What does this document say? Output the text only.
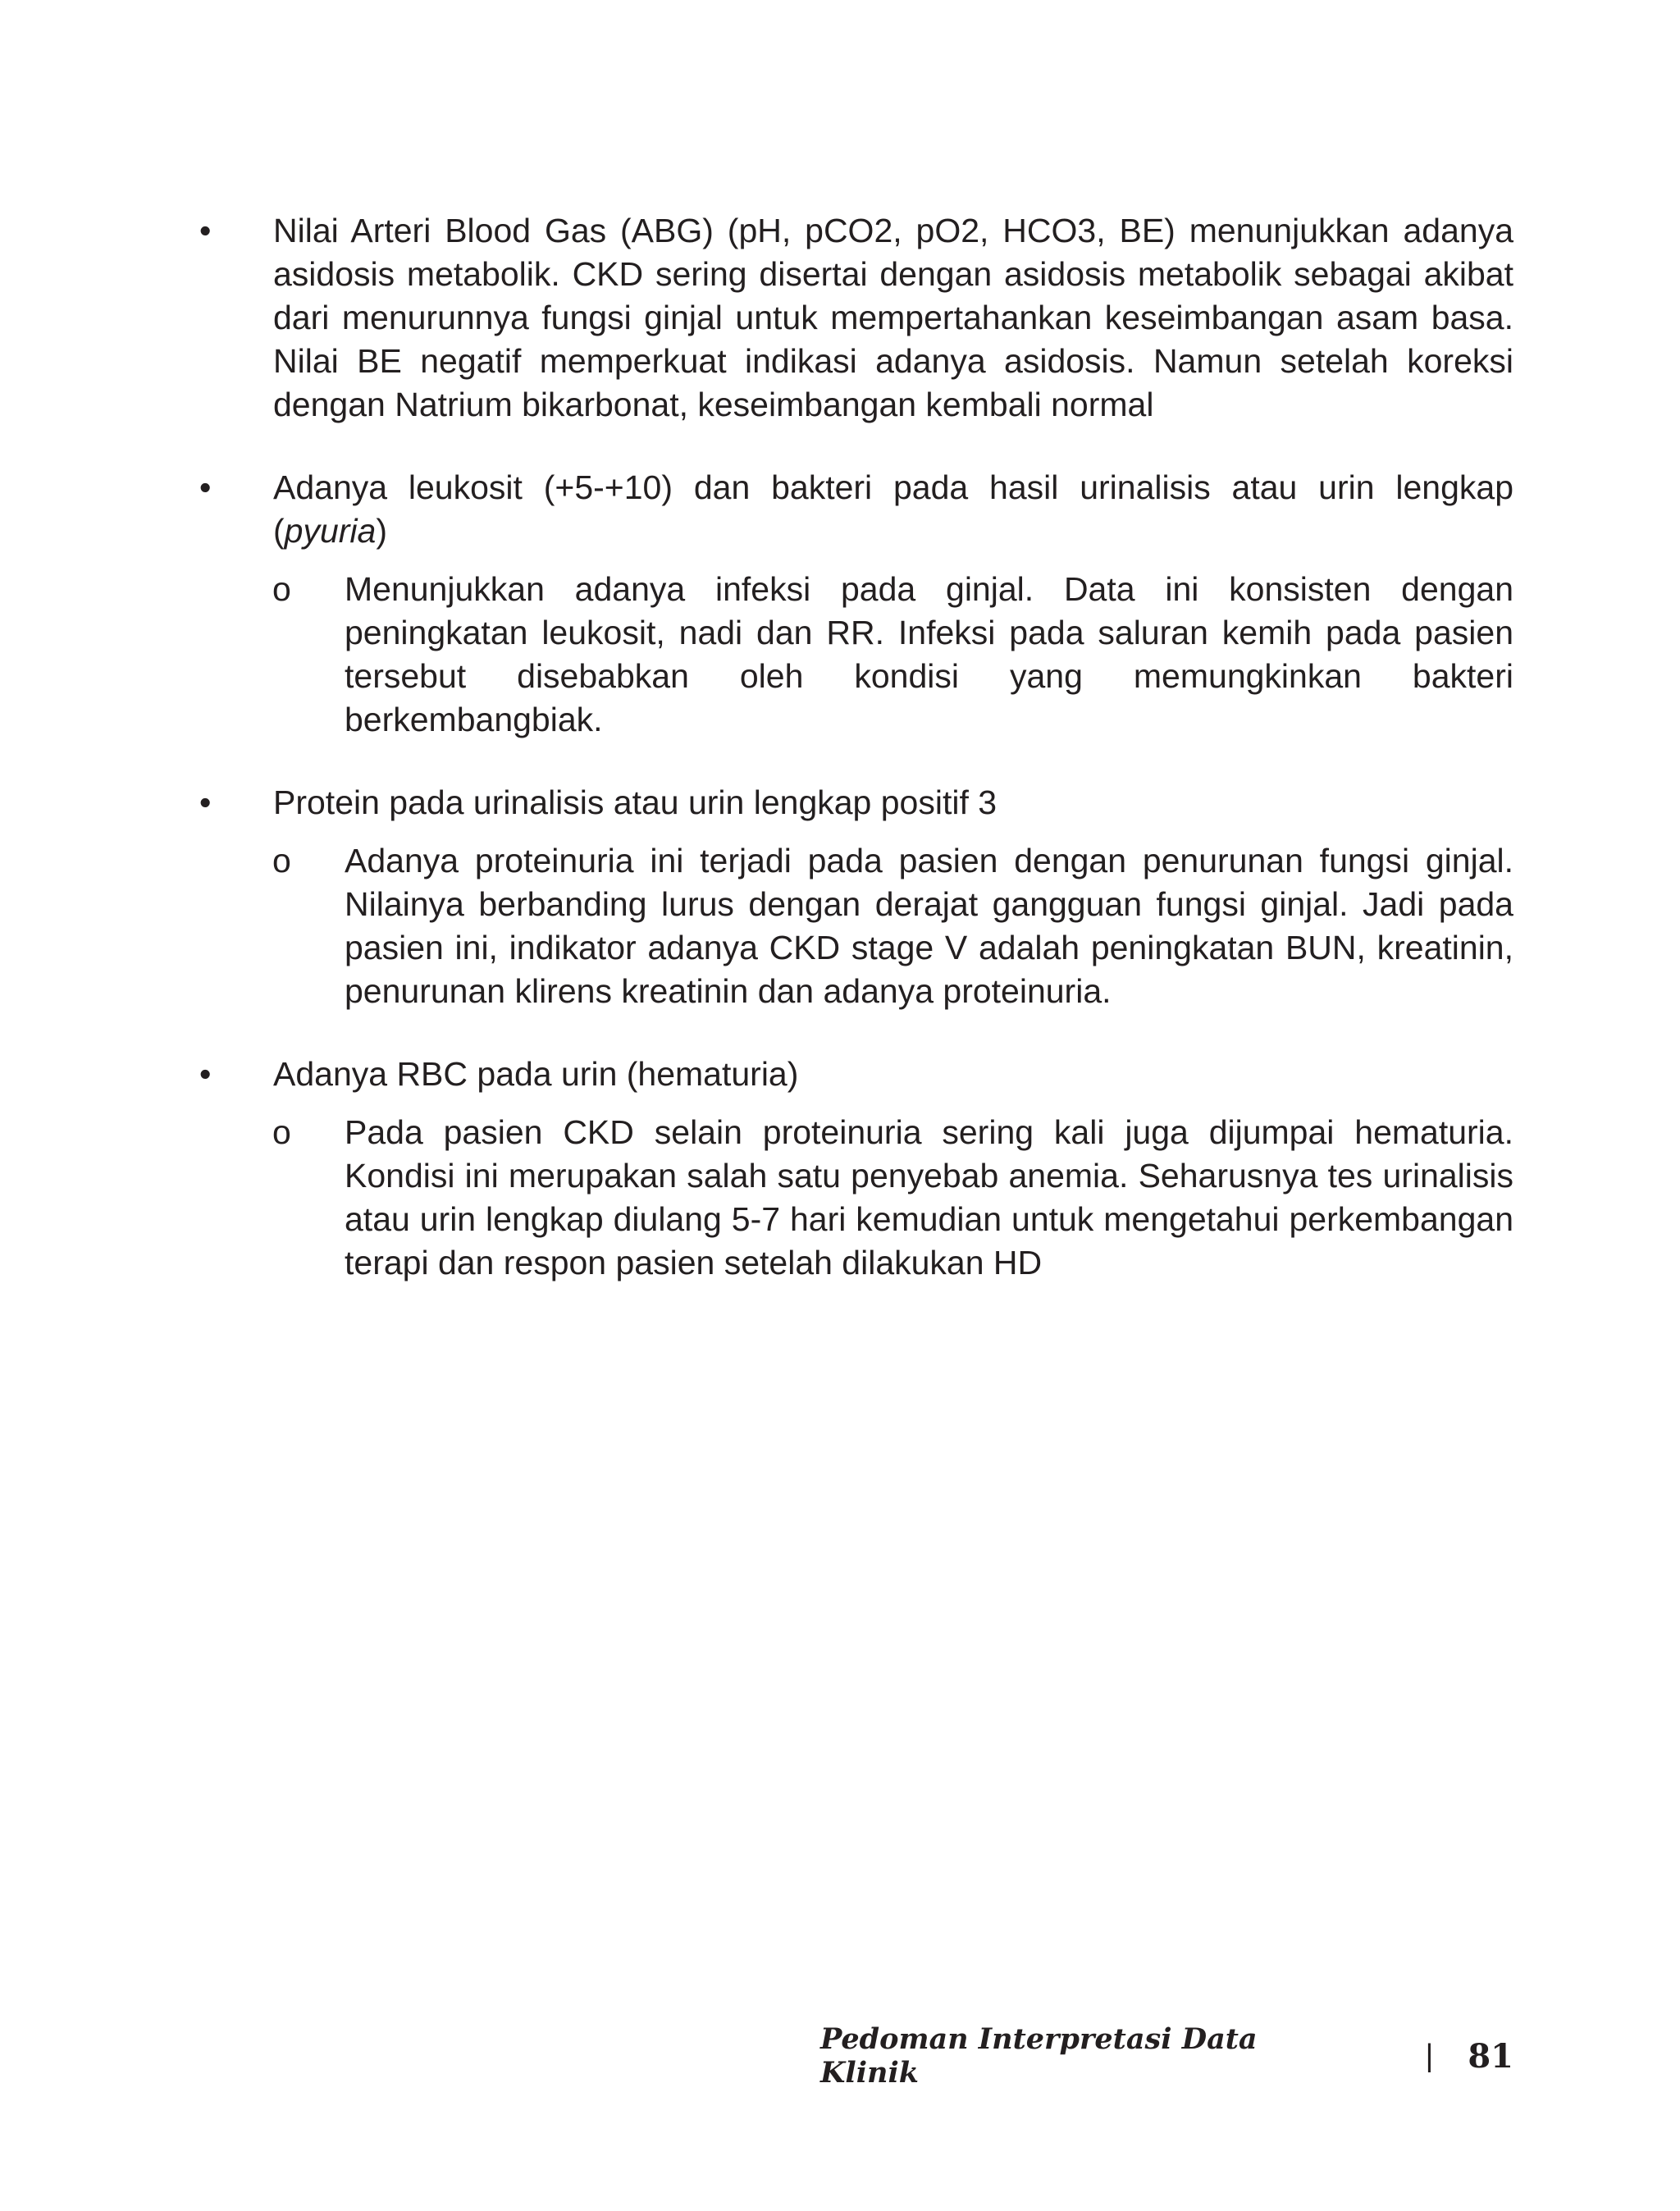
•	Nilai Arteri Blood Gas (ABG) (pH, pCO2, pO2, HCO3, BE) menunjukkan adanya asidosis metabolik. CKD sering disertai dengan asidosis metabolik sebagai akibat dari menurunnya fungsi ginjal untuk mempertahankan keseimbangan asam basa. Nilai BE negatif memperkuat indikasi adanya asidosis. Namun setelah koreksi dengan Natrium bikarbonat, keseimbangan kembali normal
•	Adanya leukosit (+5-+10) dan bakteri pada hasil urinalisis atau urin lengkap (pyuria)
o Menunjukkan adanya infeksi pada ginjal. Data ini konsisten dengan peningkatan leukosit, nadi dan RR. Infeksi pada saluran kemih pada pasien tersebut disebabkan oleh kondisi yang memungkinkan bakteri berkembangbiak.
•	Protein pada urinalisis atau urin lengkap positif 3
o Adanya proteinuria ini terjadi pada pasien dengan penurunan fungsi ginjal. Nilainya berbanding lurus dengan derajat gangguan fungsi ginjal. Jadi pada pasien ini, indikator adanya CKD stage V adalah peningkatan BUN, kreatinin, penurunan klirens kreatinin dan adanya proteinuria.
•	Adanya RBC pada urin (hematuria)
o Pada pasien CKD selain proteinuria sering kali juga dijumpai hematuria. Kondisi ini merupakan salah satu penyebab anemia. Seharusnya tes urinalisis atau urin lengkap diulang 5-7 hari kemudian untuk mengetahui perkembangan terapi dan respon pasien setelah dilakukan HD
Pedoman Interpretasi Data Klinik	| 81
